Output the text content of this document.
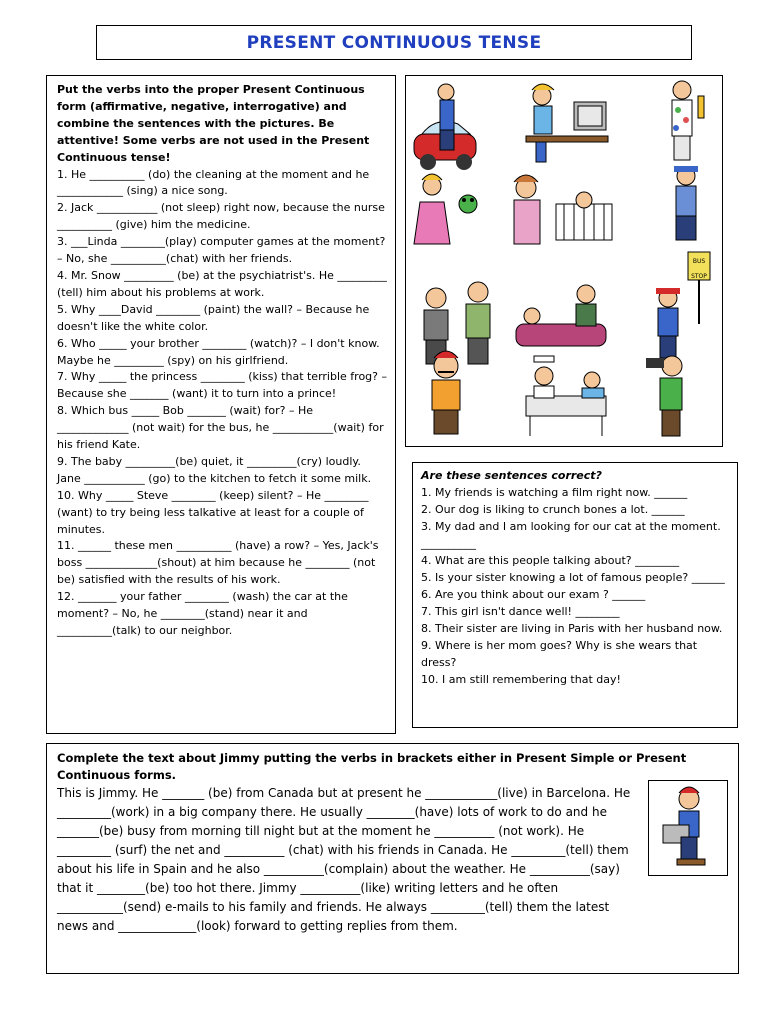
PRESENT CONTINUOUS TENSE

Put the verbs into the proper Present Continuous form (affirmative, negative, interrogative) and combine the sentences with the pictures. Be attentive! Some verbs are not used in the Present Continuous tense!

1. He __________ (do) the cleaning at the moment and he ____________ (sing) a nice song.

2. Jack ___________ (not sleep) right now, because the nurse __________ (give) him the medicine.

3. ___Linda ________(play) computer games at the moment? – No, she __________(chat) with her friends.

4. Mr. Snow _________ (be) at the psychiatrist's. He _________ (tell) him about his problems at work.

5. Why ____David ________ (paint) the wall? – Because he doesn't like the white color.

6. Who _____ your brother ________ (watch)? – I don't know. Maybe he _________ (spy) on his girlfriend.

7. Why _____ the princess ________ (kiss) that terrible frog? – Because she _______ (want) it to turn into a prince!

8. Which bus _____ Bob _______ (wait) for? – He _____________ (not wait) for the bus, he ___________(wait) for his friend Kate.

9. The baby _________(be) quiet, it _________(cry) loudly. Jane ___________ (go) to the kitchen to fetch it some milk.

10. Why _____ Steve ________ (keep) silent? – He ________ (want) to try being less talkative at least for a couple of minutes.

11. ______ these men __________ (have) a row? – Yes, Jack's boss _____________(shout) at him because he ________ (not be) satisfied with the results of his work.

12. _______ your father ________ (wash) the car at the moment? – No, he ________(stand) near it and __________(talk) to our neighbor.

BUS
STOP

Are these sentences correct?

1. My friends is watching a film right now. ______

2. Our dog is liking to crunch bones a lot. ______

3. My dad and I am looking for our cat at the moment. __________

4. What are this people talking about? ________

5. Is your sister knowing a lot of famous people? ______

6. Are you think about our exam ? ______

7. This girl isn't dance well! ________

8. Their sister are living in Paris with her husband now.

9. Where is her mom goes? Why is she wears that dress?

10. I am still remembering that day!

Complete the text about Jimmy putting the verbs in brackets either in Present Simple or Present Continuous forms.

This is Jimmy. He _______ (be) from Canada but at present he ____________(live) in Barcelona. He _________(work) in a big company there. He usually ________(have) lots of work to do and he _______(be) busy from morning till night but at the moment he __________ (not work). He _________ (surf) the net and __________ (chat) with his friends in Canada. He _________(tell) them about his life in Spain and he also __________(complain) about the weather. He __________(say) that it ________(be) too hot there. Jimmy __________(like) writing letters and he often ___________(send) e-mails to his family and friends. He always _________(tell) them the latest news and _____________(look) forward to getting replies from them.
